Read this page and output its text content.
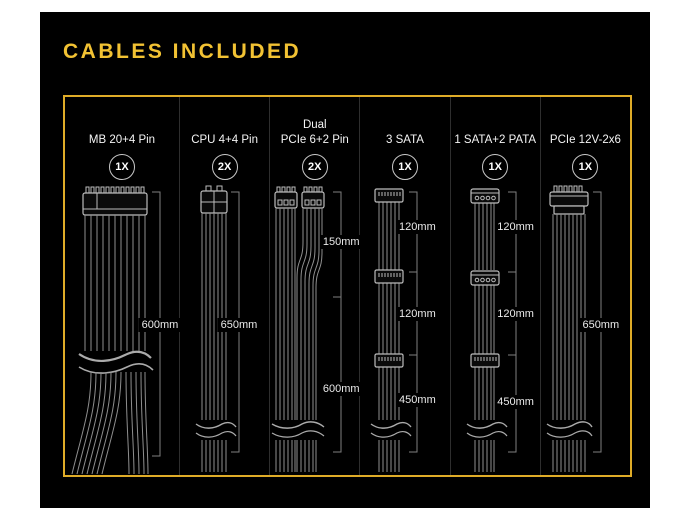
CABLES INCLUDED
MB 20+4 Pin
1X
600mm
CPU 4+4 Pin
2X
650mm
Dual
PCIe 6+2 Pin
2X
150mm
600mm
3 SATA
1X
120mm
120mm
450mm
1 SATA+2 PATA
1X
120mm
120mm
450mm
PCIe 12V-2x6
1X
650mm
